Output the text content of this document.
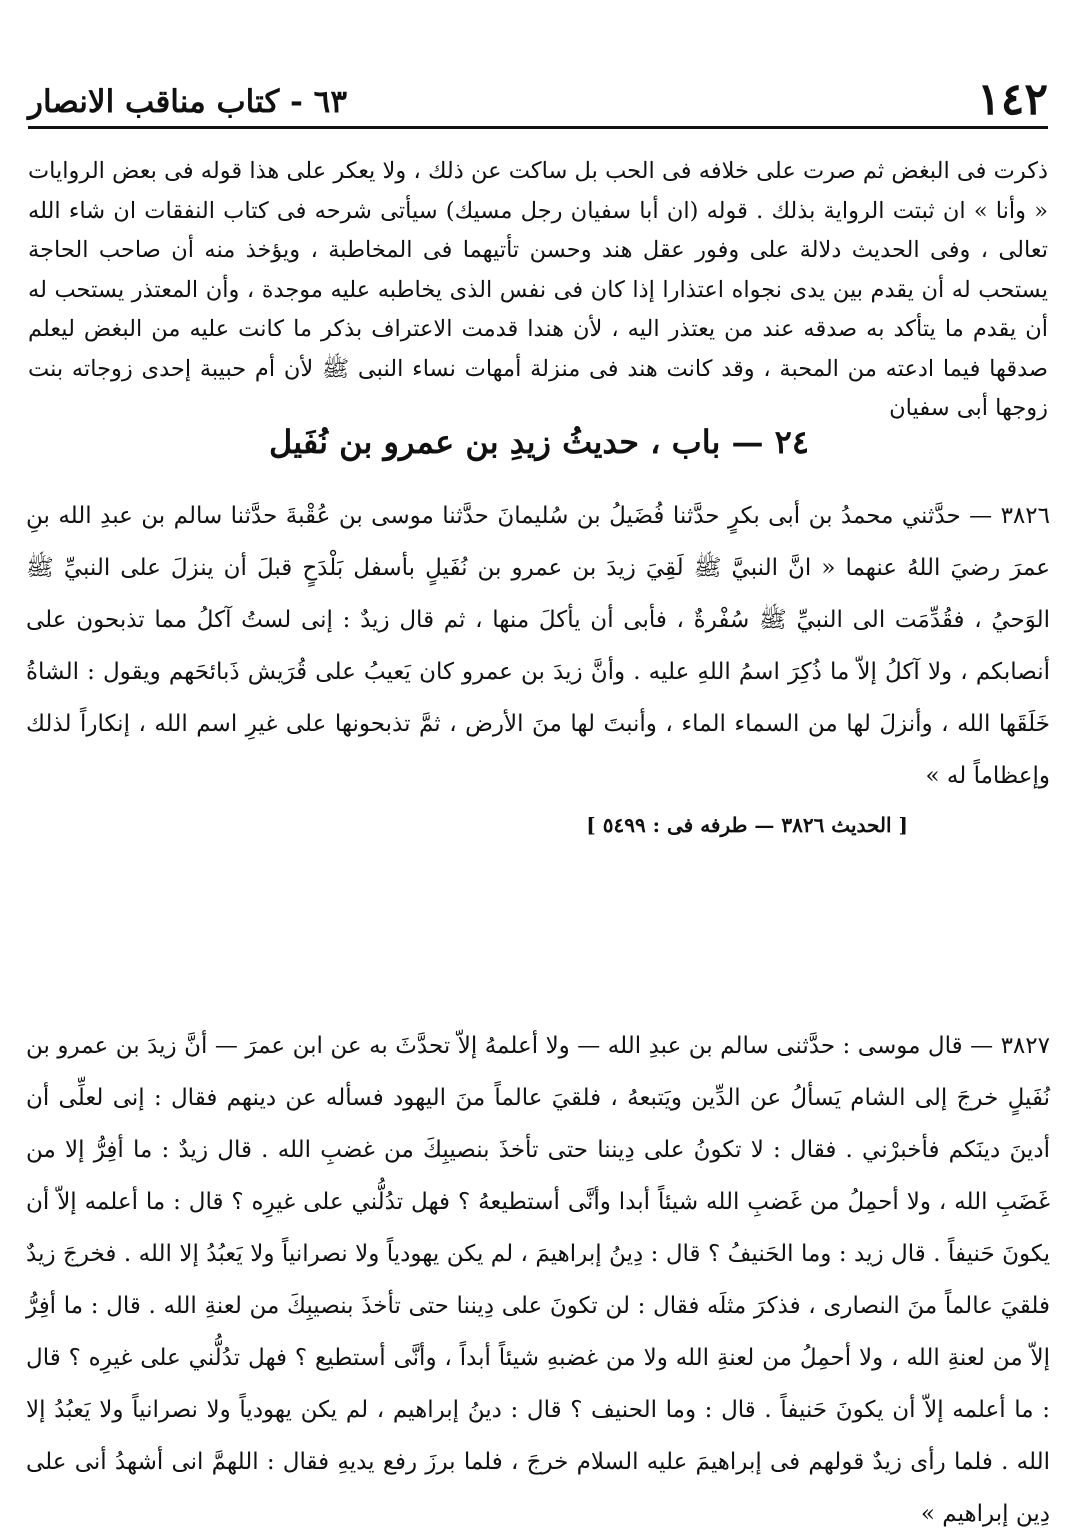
١٤٢
٦٣ - كتاب مناقب الانصار
ذكرت فى البغض ثم صرت على خلافه فى الحب بل ساكت عن ذلك ، ولا يعكر على هذا قوله فى بعض الروايات « وأنا » ان ثبتت الرواية بذلك . قوله (ان أبا سفيان رجل مسيك) سيأتى شرحه فى كتاب النفقات ان شاء الله تعالى ، وفى الحديث دلالة على وفور عقل هند وحسن تأتيهما فى المخاطبة ، ويؤخذ منه أن صاحب الحاجة يستحب له أن يقدم بين يدى نجواه اعتذارا إذا كان فى نفس الذى يخاطبه عليه موجدة ، وأن المعتذر يستحب له أن يقدم ما يتأكد به صدقه عند من يعتذر اليه ، لأن هندا قدمت الاعتراف بذكر ما كانت عليه من البغض ليعلم صدقها فيما ادعته من المحبة ، وقد كانت هند فى منزلة أمهات نساء النبى ﷺ لأن أم حبيبة إحدى زوجاته بنت زوجها أبى سفيان
٢٤ — باب ، حديثُ زيدِ بن عمرو بن نُفَيل
٣٨٢٦ — حدَّثني محمدُ بن أبى بكرٍ حدَّثنا فُضَيلُ بن سُليمانَ حدَّثنا موسى بن عُقْبةَ حدَّثنا سالم بن عبدِ الله بنِ عمرَ رضيَ اللهُ عنهما « انَّ النبيَّ ﷺ لَقِيَ زيدَ بن عمرو بن نُفَيلٍ بأسفل بَلْدَحٍ قبلَ أن ينزلَ على النبيِّ ﷺ الوَحيُ ، فقُدِّمَت الى النبيِّ ﷺ سُفْرةٌ ، فأبى أن يأكلَ منها ، ثم قال زيدٌ : إنى لستُ آكلُ مما تذبحون على أنصابكم ، ولا آكلُ إلاّ ما ذُكِرَ اسمُ اللهِ عليه . وأنَّ زيدَ بن عمرو كان يَعيبُ على قُرَيش ذَبائحَهم ويقول : الشاةُ خَلَقَها الله ، وأنزلَ لها من السماء الماء ، وأنبتَ لها منَ الأرض ، ثمَّ تذبحونها على غيرِ اسم الله ، إنكاراً لذلك وإعظاماً له »
[ الحديث ٣٨٢٦ — طرفه فى : ٥٤٩٩ ]
٣٨٢٧ — قال موسى : حدَّثنى سالم بن عبدِ الله — ولا أعلمهُ إلاّ تحدَّثَ به عن ابن عمرَ — أنَّ زيدَ بن عمرو بن نُفَيلٍ خرجَ إلى الشام يَسألُ عن الدِّين ويَتبعهُ ، فلقيَ عالماً منَ اليهود فسأله عن دينهم فقال : إنى لعلِّى أن أدينَ دينَكم فأخبرْني . فقال : لا تكونُ على دِيننا حتى تأخذَ بنصيبِكَ من غضبِ الله . قال زيدٌ : ما أفِرُّ إلا من غَضَبِ الله ، ولا أحمِلُ من غَضبِ الله شيئاً أبدا وأنَّى أستطيعهُ ؟ فهل تدُلُّني على غيرِه ؟ قال : ما أعلمه إلاّ أن يكونَ حَنيفاً . قال زيد : وما الحَنيفُ ؟ قال : دِينُ إبراهيمَ ، لم يكن يهودياً ولا نصرانياً ولا يَعبُدُ إلا الله . فخرجَ زيدٌ فلقيَ عالماً منَ النصارى ، فذكرَ مثلَه فقال : لن تكونَ على دِيننا حتى تأخذَ بنصيبِكَ من لعنةِ الله . قال : ما أفِرُّ إلاّ من لعنةِ الله ، ولا أحمِلُ من لعنةِ الله ولا من غضبهِ شيئاً أبداً ، وأنَّى أستطيع ؟ فهل تدُلُّني على غيرِه ؟ قال : ما أعلمه إلاّ أن يكونَ حَنيفاً . قال : وما الحنيف ؟ قال : دينُ إبراهيم ، لم يكن يهودياً ولا نصرانياً ولا يَعبُدُ إلا الله . فلما رأى زيدٌ قولهم فى إبراهيمَ عليه السلام خرجَ ، فلما برزَ رفع يديهِ فقال : اللهمَّ انى أشهدُ أنى على دِين إبراهيم »
